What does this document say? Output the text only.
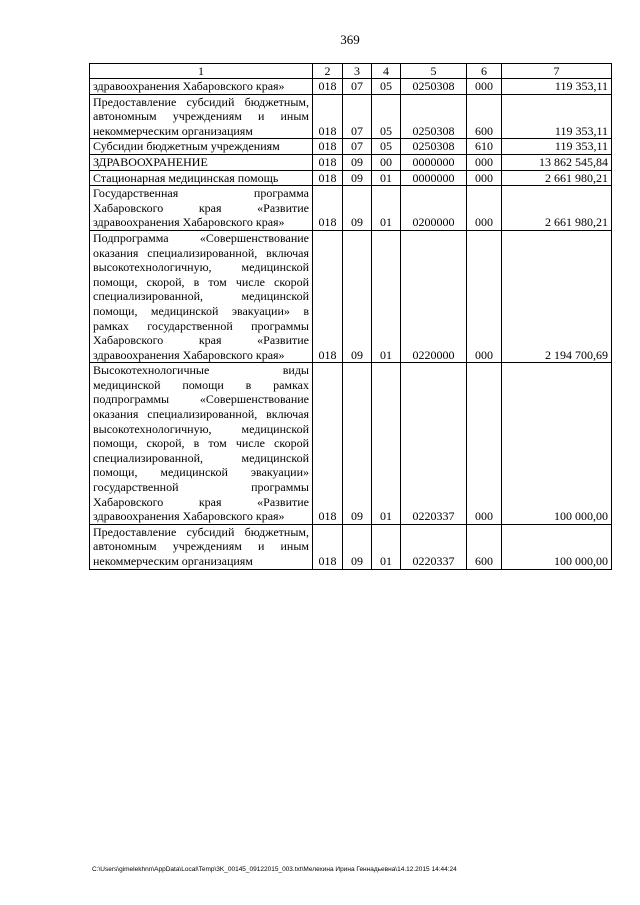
369
1	2	3	4	5	6	7
здравоохранения Хабаровского края»	018	07	05	0250308	000	119 353,11
Предоставление субсидий бюджетным, автономным учреждениям и иным некоммерческим организациям	018	07	05	0250308	600	119 353,11
Субсидии бюджетным учреждениям	018	07	05	0250308	610	119 353,11
ЗДРАВООХРАНЕНИЕ	018	09	00	0000000	000	13 862 545,84
Стационарная медицинская помощь	018	09	01	0000000	000	2 661 980,21
Государственная программа Хабаровского края «Развитие здравоохранения Хабаровского края»	018	09	01	0200000	000	2 661 980,21
Подпрограмма «Совершенствование оказания специализированной, включая высокотехнологичную, медицинской помощи, скорой, в том числе скорой специализированной, медицинской помощи, медицинской эвакуации» в рамках государственной программы Хабаровского края «Развитие здравоохранения Хабаровского края»	018	09	01	0220000	000	2 194 700,69
Высокотехнологичные виды медицинской помощи в рамках подпрограммы «Совершенствование оказания специализированной, включая высокотехнологичную, медицинской помощи, скорой, в том числе скорой специализированной, медицинской помощи, медицинской эвакуации» государственной программы Хабаровского края «Развитие здравоохранения Хабаровского края»	018	09	01	0220337	000	100 000,00
Предоставление субсидий бюджетным, автономным учреждениям и иным некоммерческим организациям	018	09	01	0220337	600	100 000,00
C:\Users\gimelekhnn\AppData\Local\Temp\3K_00145_09122015_003.txt\Мелехина Ирина Геннадьевна\14.12.2015 14:44:24
